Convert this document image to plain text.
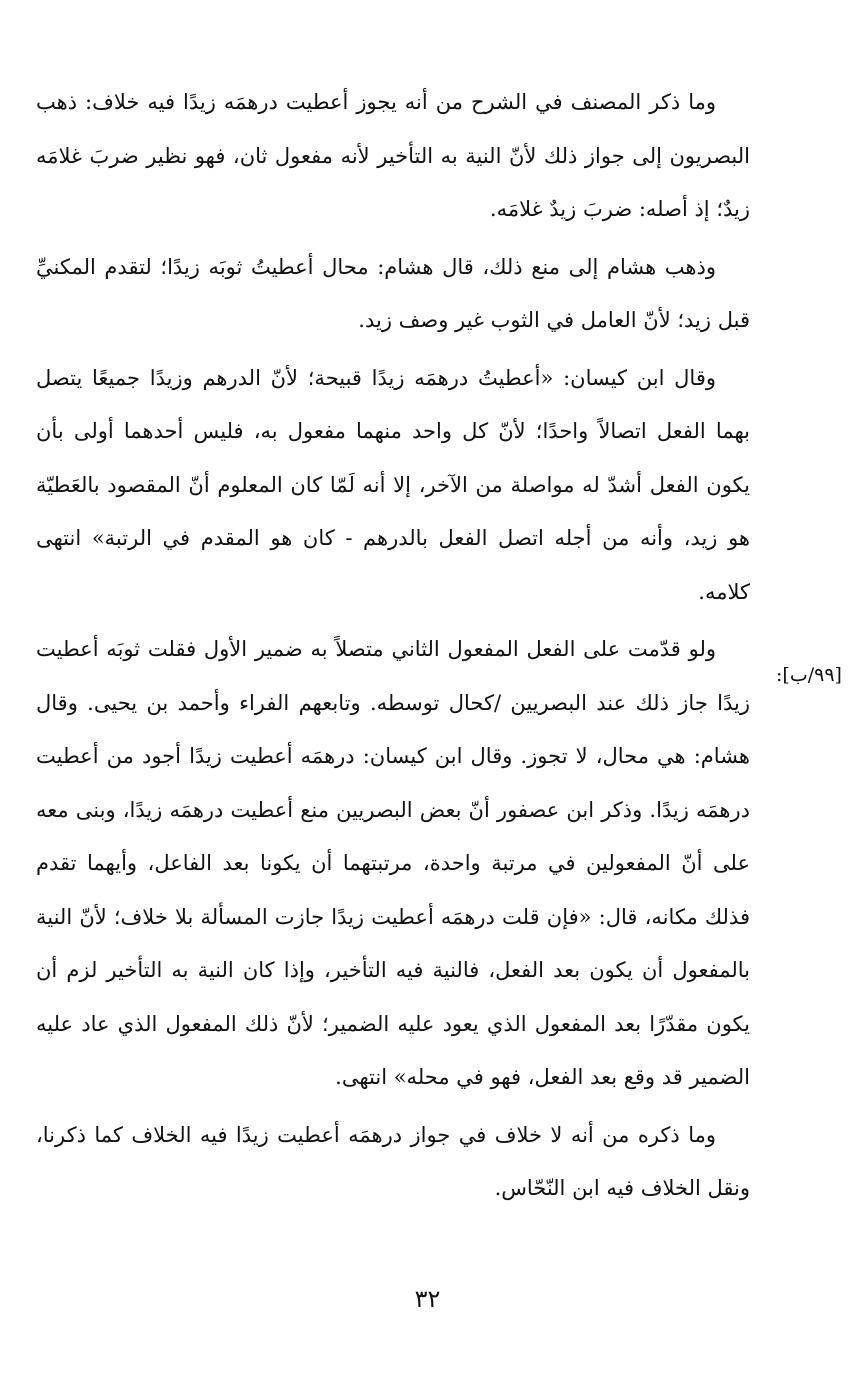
وما ذكر المصنف في الشرح من أنه يجوز أعطيت درهمَه زيدًا فيه خلاف: ذهب البصريون إلى جواز ذلك لأنّ النية به التأخير لأنه مفعول ثان، فهو نظير ضربَ غلامَه زيدٌ؛ إذ أصله: ضربَ زيدٌ غلامَه.

وذهب هشام إلى منع ذلك، قال هشام: محال أعطيتُ ثوبَه زيدًا؛ لتقدم المكنيِّ قبل زيد؛ لأنّ العامل في الثوب غير وصف زيد.

وقال ابن كيسان: «أعطيتُ درهمَه زيدًا قبيحة؛ لأنّ الدرهم وزيدًا جميعًا يتصل بهما الفعل اتصالاً واحدًا؛ لأنّ كل واحد منهما مفعول به، فليس أحدهما أولى بأن يكون الفعل أشدّ له مواصلة من الآخر، إلا أنه لَمّا كان المعلوم أنّ المقصود بالعَطيّة هو زيد، وأنه من أجله اتصل الفعل بالدرهم - كان هو المقدم في الرتبة» انتهى كلامه.

ولو قدّمت على الفعل المفعول الثاني متصلاً به ضمير الأول فقلت ثوبَه أعطيت زيدًا جاز ذلك عند البصريين /كحال توسطه. وتابعهم الفراء وأحمد بن يحيى. وقال هشام: هي محال، لا تجوز. وقال ابن كيسان: درهمَه أعطيت زيدًا أجود من أعطيت درهمَه زيدًا. وذكر ابن عصفور أنّ بعض البصريين منع أعطيت درهمَه زيدًا، وبنى معه على أنّ المفعولين في مرتبة واحدة، مرتبتهما أن يكونا بعد الفاعل، وأيهما تقدم فذلك مكانه، قال: «فإن قلت درهمَه أعطيت زيدًا جازت المسألة بلا خلاف؛ لأنّ النية بالمفعول أن يكون بعد الفعل، فالنية فيه التأخير، وإذا كان النية به التأخير لزم أن يكون مقدّرًا بعد المفعول الذي يعود عليه الضمير؛ لأنّ ذلك المفعول الذي عاد عليه الضمير قد وقع بعد الفعل، فهو في محله» انتهى.

وما ذكره من أنه لا خلاف في جواز درهمَه أعطيت زيدًا فيه الخلاف كما ذكرنا، ونقل الخلاف فيه ابن النّحّاس.

[٩٩/ب]:
٣٢
